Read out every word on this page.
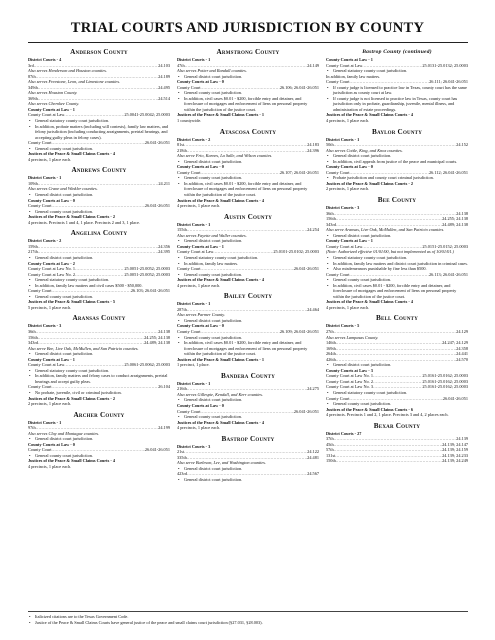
TRIAL COURTS AND JURISDICTION BY COUNTY
Anderson County
District Courts - 4
3rd .....	24.103
Also serves Henderson and Houston counties.
87th .....	24.189
Also serves Freestone, Leon, and Limestone counties.
349th .....	24.495
Also serves Houston County.
369th .....	24.514
Also serves Cherokee County.
County Courts at Law - 1
County Court at Law .....	25.0041-25.0042; 25.0003
• General statutory county court jurisdiction.
• In addition, probate matters (including will contests), family law matters, and felony jurisdiction (including conducting arraignments, pretrial hearings, and accepting guilty pleas in felony cases).
County Court .....	26.041-26.051
• General county court jurisdiction.
Justices of the Peace & Small Claims Courts - 4
4 precincts, 1 place each.
Andrews County
District Courts - 1
109th .....	24.211
Also serves Crane and Winkler counties.
• General district court jurisdiction.
County Courts at Law - 0
County Court .....	26.041-26.051
• General county court jurisdiction.
Justices of the Peace & Small Claims Courts - 2
4 precincts. Precincts 1 and 4, 1 place. Precincts 2 and 3, 1 place.
Angelina County
District Courts - 2
159th .....	24.356
217th .....	24.395
• General district court jurisdiction.
County Courts at Law - 2
County Court at Law No. 1 .....	25.0051-25.0052; 25.0003
County Court at Law No. 2 .....	25.0051-25.0052; 25.0003
• General statutory county court jurisdiction.
• In addition, family law matters and civil cases $500 - $50,000.
County Court .....	26.103; 26.041-26.051
• General county court jurisdiction.
Justices of the Peace & Small Claims Courts - 5
5 precincts, 1 place each.
Aransas County
District Courts - 3
36th .....	24.138
156th .....	24.255; 24.138
343rd .....	24.489; 24.138
Also serve Bee, Live Oak, McMullen, and San Patricio counties.
• General district court jurisdiction.
County Courts at Law - 1
County Court at Law .....	25.0061-25.0062; 25.0003
• General statutory county court jurisdiction.
• In addition, family matters and felony cases to conduct arraignments, pretrial hearings and accept guilty pleas.
County Court .....	26.104
• No probate, juvenile, civil or criminal jurisdiction.
Justices of the Peace & Small Claims Courts - 2
2 precincts, 1 place each.
Archer County
District Courts - 1
97th .....	24.199
Also serves Clay and Montague counties.
• General district court jurisdiction.
County Courts at Law - 0
County Court .....	26.041-26.051
• General county court jurisdiction.
Justices of the Peace & Small Claims Courts - 4
4 precincts, 1 place each.
Armstrong County
District Courts - 1
47th .....	24.149
Also serves Potter and Randall counties.
• General district court jurisdiction.
County Courts at Law - 0
County Court .....	26.106; 26.041-26.051
• General county court jurisdiction.
• In addition, civil cases $0.01 - $200, forcible entry and detainer, and foreclosure of mortgages and enforcement of liens on personal property within the jurisdiction of the justice court.
Justices of the Peace & Small Claims Courts - 1
1 countywide.
Atascosa County
District Courts - 2
81st .....	24.183
218th .....	24.396
Also serve Frio, Karnes, La Salle, and Wilson counties.
• General district court jurisdiction.
County Courts at Law - 0
County Court .....	26.107; 26.041-26.051
• General county court jurisdiction.
• In addition, civil cases $0.01 - $200, forcible entry and detainer, and foreclosure of mortgages and enforcement of liens on personal property within the jurisdiction of the justice court.
Justices of the Peace & Small Claims Courts - 4
4 precincts, 1 place each.
Austin County
District Courts - 1
155th .....	24.254
Also serves Fayette and Waller counties.
• General district court jurisdiction.
County Courts at Law - 1
County Court at Law .....	25.0101-25.0102; 25.0003
• General statutory county court jurisdiction.
• In addition, family law matters.
County Court .....	26.041-26.051
• General county court jurisdiction.
Justices of the Peace & Small Claims Courts - 4
4 precincts, 1 place each.
Bailey County
District Courts - 1
287th .....	24.464
Also serves Parmer County.
• General district court jurisdiction.
County Courts at Law - 0
County Court .....	26.109; 26.041-26.051
• General county court jurisdiction.
• In addition, civil cases $0.01 - $200, forcible entry and detainer, and foreclosure of mortgages and enforcement of liens on personal property within the jurisdiction of the justice court.
Justices of the Peace & Small Claims Courts - 1
1 precinct, 1 place.
Bandera County
District Courts - 1
216th .....	24.275
Also serves Gillespie, Kendall, and Kerr counties.
• General district court jurisdiction.
County Courts at Law - 0
County Court .....	26.041-26.051
• General county court jurisdiction.
Justices of the Peace & Small Claims Courts - 4
4 precincts, 1 place each.
Bastrop County
District Courts - 3
21st .....	24.122
335th .....	24.481
Also serve Burleson, Lee, and Washington counties.
• General district court jurisdiction.
423rd .....	24.567
• General district court jurisdiction.
Bastrop County (continued)
County Courts at Law - 1
County Court at Law .....	25.0131-25.0132; 25.0003
• General statutory county court jurisdiction.
In addition, family law matters.
County Court .....	26.111; 26.041-26.051
• If county judge is licensed to practice law in Texas, county court has the same jurisdiction as county court at law.
• If county judge is not licensed to practice law in Texas, county court has jurisdiction only in probate, guardianship, juvenile, mental illness, and administration of estate proceedings.
Justices of the Peace & Small Claims Courts - 4
4 precincts, 1 place each.
Baylor County
District Courts - 1
50th .....	24.152
Also serves Cottle, King, and Knox counties.
• General district court jurisdiction.
• In addition, civil appeals from justice of the peace and municipal courts.
County Courts at Law - 0
County Court .....	26.112; 26.041-26.051
• Probate jurisdiction and county court criminal jurisdiction.
Justices of the Peace & Small Claims Courts - 2
2 precincts, 1 place each.
Bee County
District Courts - 3
36th .....	24.138
156th .....	24.255; 24.138
343rd .....	24.489; 24.138
Also serve Aransas, Live Oak, McMullen, and San Patricio counties.
• General district court jurisdiction.
County Courts at Law - 1
County Court at Law .....	25.0151-25.0152; 25.0003
(Note: Authorized effective 01/01/00, but not implemented as of 10/01/01.)
• General statutory county court jurisdiction.
• In addition, family law matters and district court jurisdiction in criminal cases.
• Also misdemeanors punishable by fine less than $500.
County Court .....	26.113; 26.041-26.051
• General county court jurisdiction.
• In addition, civil cases $0.01 - $200, forcible entry and detainer, and foreclosure of mortgages and enforcement of liens on personal property within the jurisdiction of the justice court.
Justices of the Peace & Small Claims Courts - 4
4 precincts, 1 place each.
Bell County
District Courts - 5
27th .....	24.129
Also serves Lampasas County.
146th .....	24.247; 24.129
169th .....	24.358
264th .....	24.441
426th .....	24.570
• General district court jurisdiction.
County Courts at Law - 3
County Court at Law No. 1 .....	25.0161-25.0162; 25.0003
County Court at Law No. 2 .....	25.0161-25.0162; 25.0003
County Court at Law No. 3 .....	25.0161-25.0162; 25.0003
• General statutory county court jurisdiction.
County Court .....	26.041-26.051
• General county court jurisdiction.
Justices of the Peace & Small Claims Courts - 6
4 precincts. Precincts 1 and 2, 1 place. Precincts 3 and 4, 2 places each.
Bexar County
District Courts - 27
37th .....	24.139
45th .....	24.139; 24.147
57th .....	24.139; 24.159
131st .....	24.139; 24.233
150th .....	24.139; 24.249
• Italicized citations are to the Texas Government Code.
• Justice of the Peace & Small Claims Courts have general justice of the peace and small claims court jurisdiction (§27.031, §28.003).
